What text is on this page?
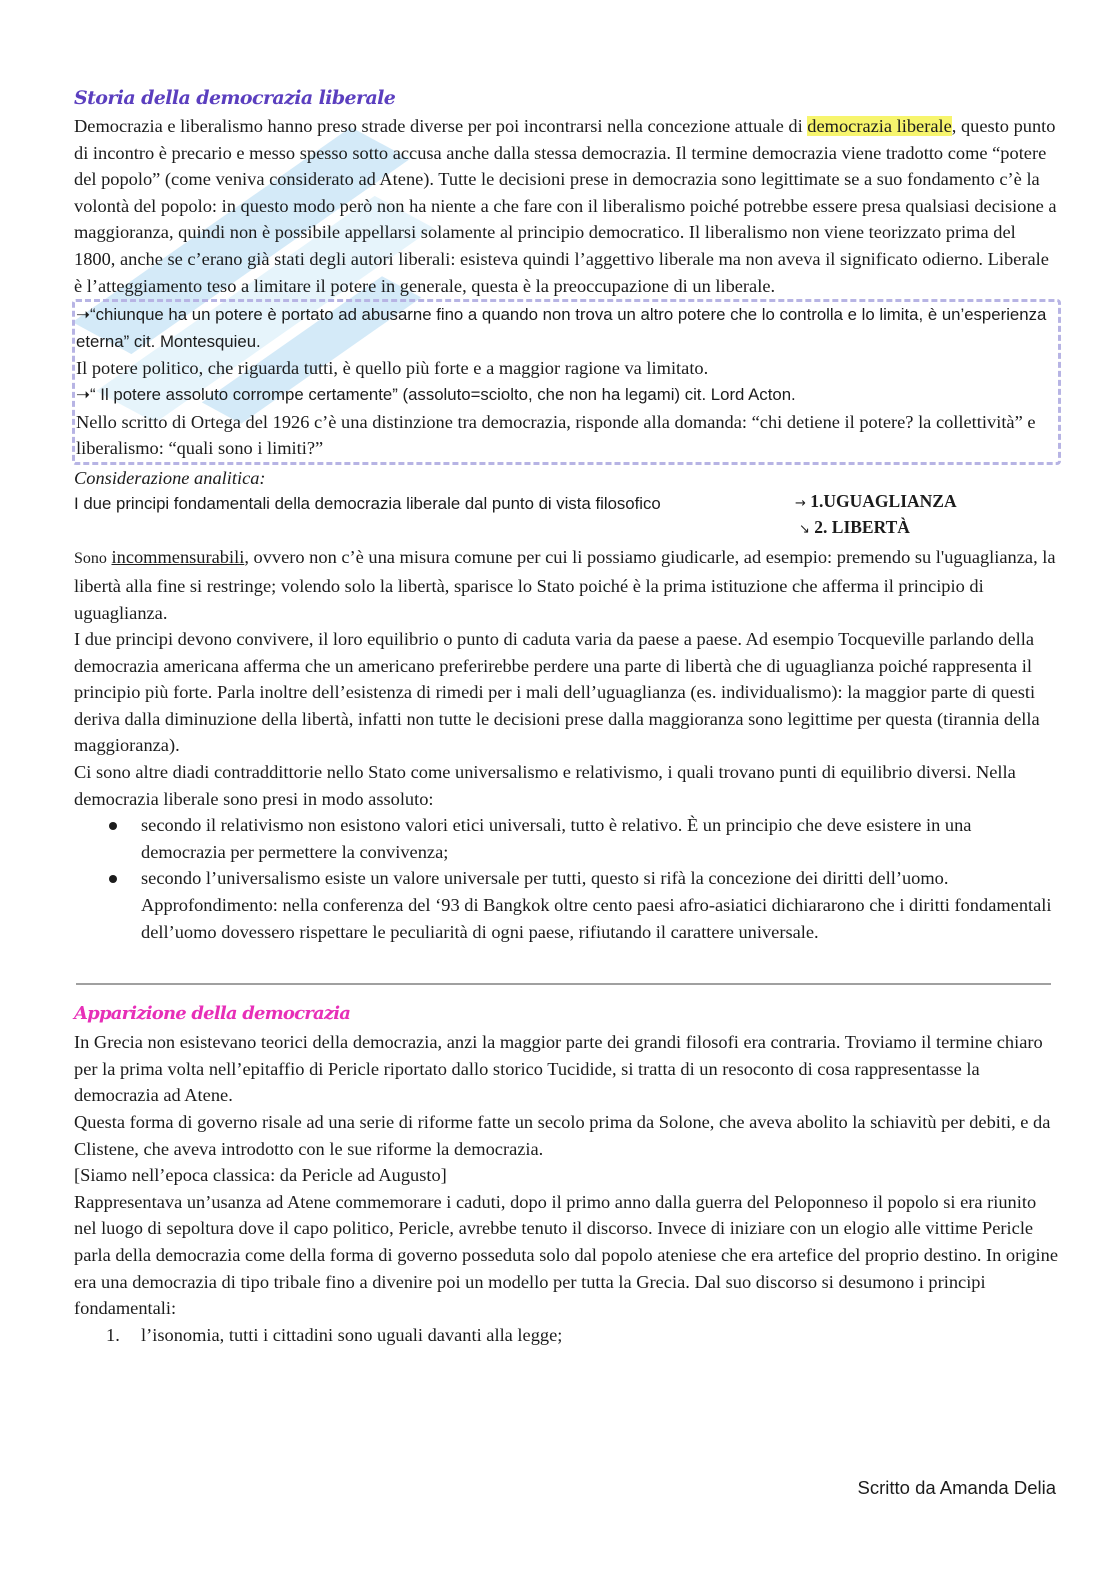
Storia della democrazia liberale

Democrazia e liberalismo hanno preso strade diverse per poi incontrarsi nella concezione attuale di democrazia liberale, questo punto di incontro è precario e messo spesso sotto accusa anche dalla stessa democrazia. Il termine democrazia viene tradotto come “potere del popolo” (come veniva considerato ad Atene). Tutte le decisioni prese in democrazia sono legittimate se a suo fondamento c’è la volontà del popolo: in questo modo però non ha niente a che fare con il liberalismo poiché potrebbe essere presa qualsiasi decisione a maggioranza, quindi non è possibile appellarsi solamente al principio democratico. Il liberalismo non viene teorizzato prima del 1800, anche se c’erano già stati degli autori liberali: esisteva quindi l’aggettivo liberale ma non aveva il significato odierno. Liberale è l’atteggiamento teso a limitare il potere in generale, questa è la preoccupazione di un liberale.

➝“chiunque ha un potere è portato ad abusarne fino a quando non trova un altro potere che lo controlla e lo limita, è un’esperienza eterna” cit. Montesquieu.

Il potere politico, che riguarda tutti, è quello più forte e a maggior ragione va limitato.

➝“ Il potere assoluto corrompe certamente” (assoluto=sciolto, che non ha legami) cit. Lord Acton.

Nello scritto di Ortega del 1926 c’è una distinzione tra democrazia, risponde alla domanda: “chi detiene il potere? la collettività” e liberalismo: “quali sono i limiti?”

Considerazione analitica:

I due principi fondamentali della democrazia liberale dal punto di vista filosofico	→ 1.UGUAGLIANZA
↘ 2. LIBERTÀ

Sono incommensurabili, ovvero non c’è una misura comune per cui li possiamo giudicarle, ad esempio: premendo su l'uguaglianza, la libertà alla fine si restringe; volendo solo la libertà, sparisce lo Stato poiché è la prima istituzione che afferma il principio di uguaglianza.

I due principi devono convivere, il loro equilibrio o punto di caduta varia da paese a paese. Ad esempio Tocqueville parlando della democrazia americana afferma che un americano preferirebbe perdere una parte di libertà che di uguaglianza poiché rappresenta il principio più forte. Parla inoltre dell’esistenza di rimedi per i mali dell’uguaglianza (es. individualismo): la maggior parte di questi deriva dalla diminuzione della libertà, infatti non tutte le decisioni prese dalla maggioranza sono legittime per questa (tirannia della maggioranza).

Ci sono altre diadi contraddittorie nello Stato come universalismo e relativismo, i quali trovano punti di equilibrio diversi. Nella democrazia liberale sono presi in modo assoluto:

secondo il relativismo non esistono valori etici universali, tutto è relativo. È un principio che deve esistere in una democrazia per permettere la convivenza;
secondo l’universalismo esiste un valore universale per tutti, questo si rifà la concezione dei diritti dell’uomo. Approfondimento: nella conferenza del ‘93 di Bangkok oltre cento paesi afro-asiatici dichiararono che i diritti fondamentali dell’uomo dovessero rispettare le peculiarità di ogni paese, rifiutando il carattere universale.
Apparizione della democrazia

In Grecia non esistevano teorici della democrazia, anzi la maggior parte dei grandi filosofi era contraria. Troviamo il termine chiaro per la prima volta nell’epitaffio di Pericle riportato dallo storico Tucidide, si tratta di un resoconto di cosa rappresentasse la democrazia ad Atene.

Questa forma di governo risale ad una serie di riforme fatte un secolo prima da Solone, che aveva abolito la schiavitù per debiti, e da Clistene, che aveva introdotto con le sue riforme la democrazia.

[Siamo nell’epoca classica: da Pericle ad Augusto]

Rappresentava un’usanza ad Atene commemorare i caduti, dopo il primo anno dalla guerra del Peloponneso il popolo si era riunito nel luogo di sepoltura dove il capo politico, Pericle, avrebbe tenuto il discorso. Invece di iniziare con un elogio alle vittime Pericle parla della democrazia come della forma di governo posseduta solo dal popolo ateniese che era artefice del proprio destino. In origine era una democrazia di tipo tribale fino a divenire poi un modello per tutta la Grecia. Dal suo discorso si desumono i principi fondamentali:

1. l’isonomia, tutti i cittadini sono uguali davanti alla legge;
Scritto da Amanda Delia
